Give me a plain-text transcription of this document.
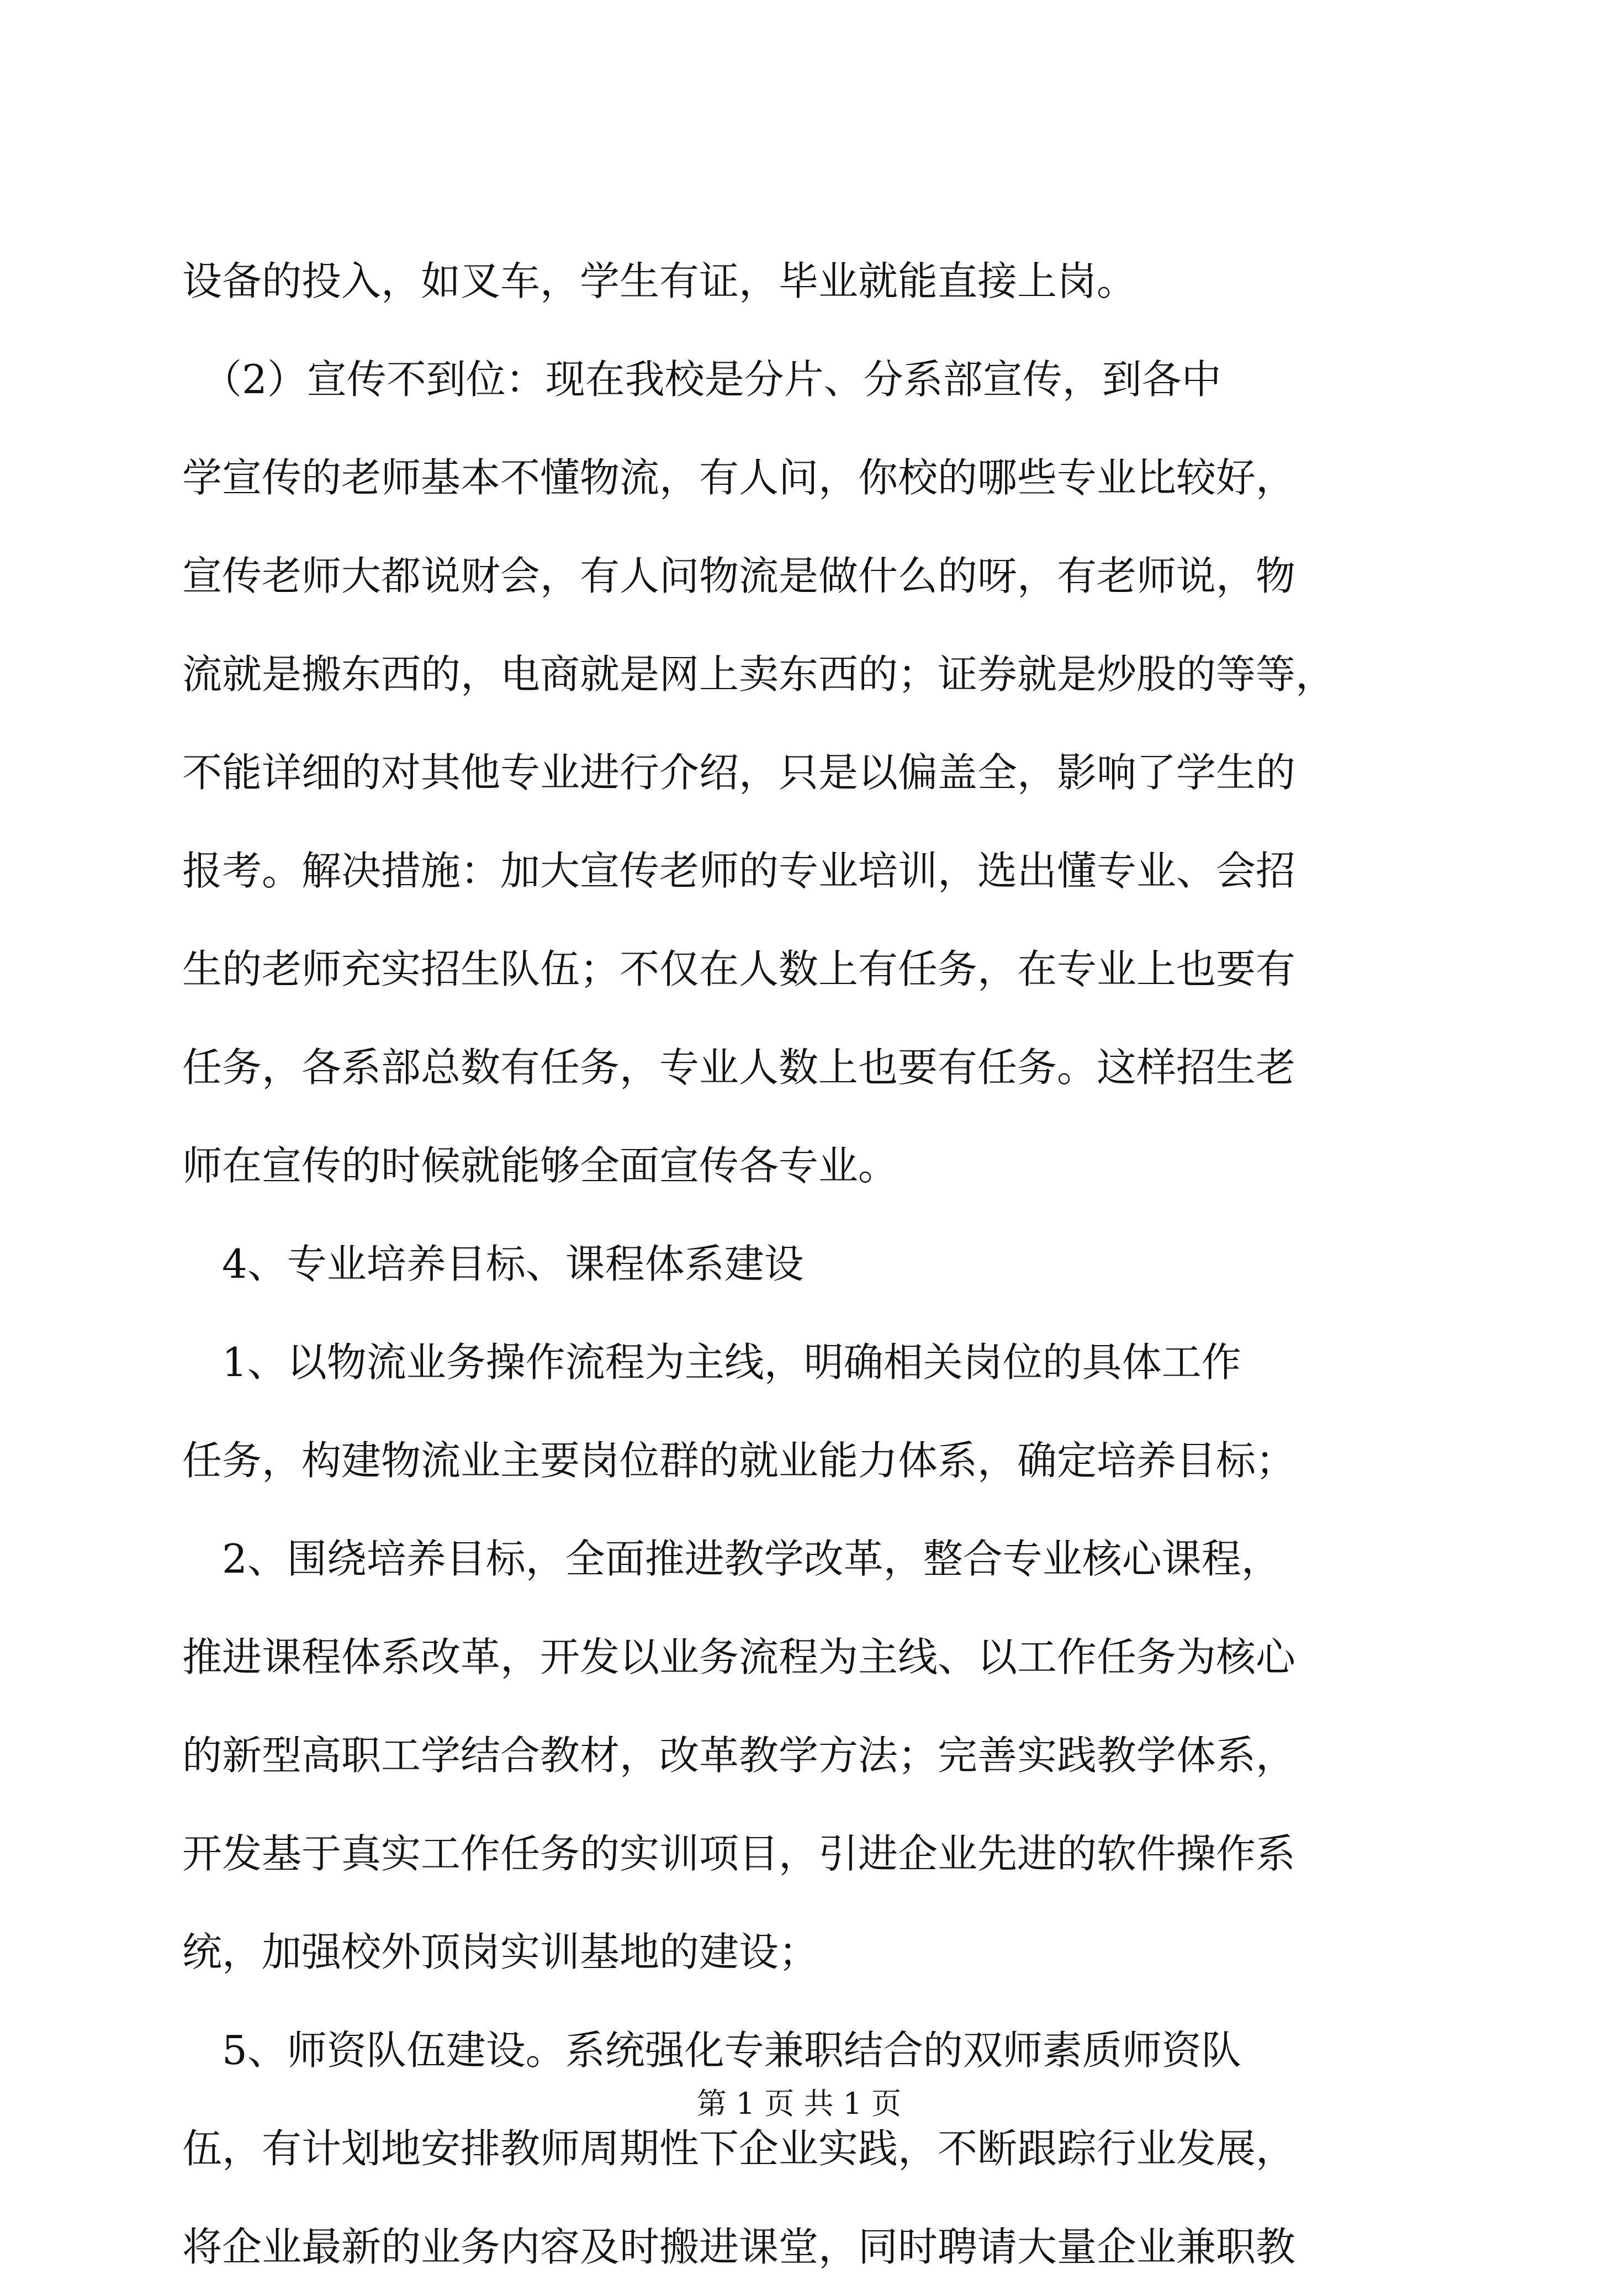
设备的投入，如叉车，学生有证，毕业就能直接上岗。
　（2）宣传不到位：现在我校是分片、分系部宣传，到各中
学宣传的老师基本不懂物流，有人问，你校的哪些专业比较好，
宣传老师大都说财会，有人问物流是做什么的呀，有老师说，物
流就是搬东西的，电商就是网上卖东西的；证券就是炒股的等等，
不能详细的对其他专业进行介绍，只是以偏盖全，影响了学生的
报考。解决措施：加大宣传老师的专业培训，选出懂专业、会招
生的老师充实招生队伍；不仅在人数上有任务，在专业上也要有
任务，各系部总数有任务，专业人数上也要有任务。这样招生老
师在宣传的时候就能够全面宣传各专业。
　4、专业培养目标、课程体系建设
　1、以物流业务操作流程为主线，明确相关岗位的具体工作
任务，构建物流业主要岗位群的就业能力体系，确定培养目标；
　2、围绕培养目标，全面推进教学改革，整合专业核心课程，
推进课程体系改革，开发以业务流程为主线、以工作任务为核心
的新型高职工学结合教材，改革教学方法；完善实践教学体系，
开发基于真实工作任务的实训项目，引进企业先进的软件操作系
统，加强校外顶岗实训基地的建设；
　5、师资队伍建设。系统强化专兼职结合的双师素质师资队
伍，有计划地安排教师周期性下企业实践，不断跟踪行业发展，
将企业最新的业务内容及时搬进课堂，同时聘请大量企业兼职教
第 1 页 共 1 页
